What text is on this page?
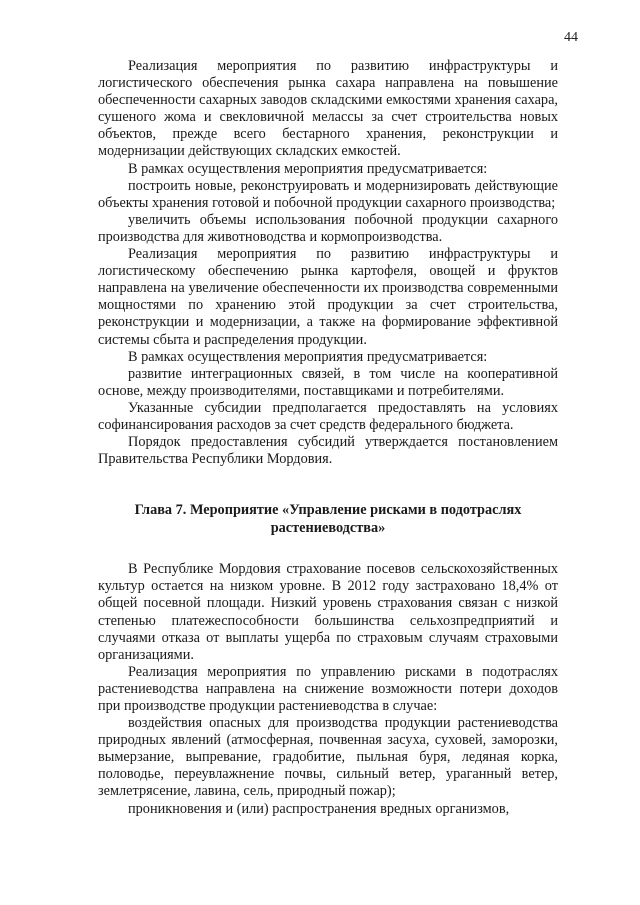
44

Реализация мероприятия по развитию инфраструктуры и логистического обеспечения рынка сахара направлена на повышение обеспеченности сахарных заводов складскими емкостями хранения сахара, сушеного жома и свекловичной мелассы за счет строительства новых объектов, прежде всего бестарного хранения, реконструкции и модернизации действующих складских емкостей.

В рамках осуществления мероприятия предусматривается:

построить новые, реконструировать и модернизировать действующие объекты хранения готовой и побочной продукции сахарного производства;

увеличить объемы использования побочной продукции сахарного производства для животноводства и кормопроизводства.

Реализация мероприятия по развитию инфраструктуры и логистическому обеспечению рынка картофеля, овощей и фруктов направлена на увеличение обеспеченности их производства современными мощностями по хранению этой продукции за счет строительства, реконструкции и модернизации, а также на формирование эффективной системы сбыта и распределения продукции.

В рамках осуществления мероприятия предусматривается:

развитие интеграционных связей, в том числе на кооперативной основе, между производителями, поставщиками и потребителями.

Указанные субсидии предполагается предоставлять на условиях софинансирования расходов за счет средств федерального бюджета.

Порядок предоставления субсидий утверждается постановлением Правительства Республики Мордовия.

Глава 7. Мероприятие «Управление рисками в подотраслях растениеводства»

В Республике Мордовия страхование посевов сельскохозяйственных культур остается на низком уровне. В 2012 году застраховано 18,4% от общей посевной площади. Низкий уровень страхования связан с низкой степенью платежеспособности большинства сельхозпредприятий и случаями отказа от выплаты ущерба по страховым случаям страховыми организациями.

Реализация мероприятия по управлению рисками в подотраслях растениеводства направлена на снижение возможности потери доходов при производстве продукции растениеводства в случае:

воздействия опасных для производства продукции растениеводства природных явлений (атмосферная, почвенная засуха, суховей, заморозки, вымерзание, выпревание, градобитие, пыльная буря, ледяная корка, половодье, переувлажнение почвы, сильный ветер, ураганный ветер, землетрясение, лавина, сель, природный пожар);

проникновения и (или) распространения вредных организмов,
